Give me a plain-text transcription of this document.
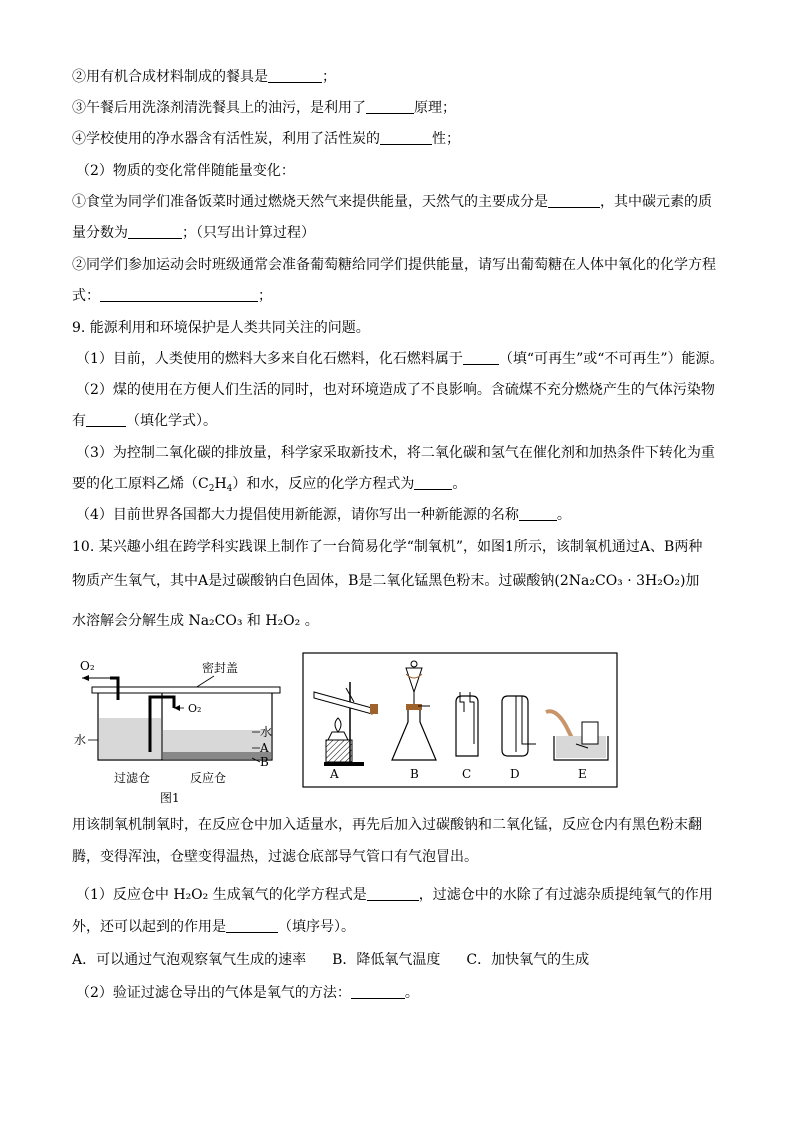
②用有机合成材料制成的餐具是	；
③午餐后用洗涤剂清洗餐具上的油污，是利用了	原理；
④学校使用的净水器含有活性炭，利用了活性炭的	性；
（2）物质的变化常伴随能量变化：
①食堂为同学们准备饭菜时通过燃烧天然气来提供能量，天然气的主要成分是	，其中碳元素的质
量分数为	；（只写出计算过程）
②同学们参加运动会时班级通常会准备葡萄糖给同学们提供能量，请写出葡萄糖在人体中氧化的化学方程
式：	；
9. 能源利用和环境保护是人类共同关注的问题。
（1）目前，人类使用的燃料大多来自化石燃料，化石燃料属于	（填“可再生”或“不可再生”）能源。
（2）煤的使用在方便人们生活的同时，也对环境造成了不良影响。含硫煤不充分燃烧产生的气体污染物
有	（填化学式）。
（3）为控制二氧化碳的排放量，科学家采取新技术，将二氧化碳和氢气在催化剂和加热条件下转化为重
要的化工原料乙烯$(C_2H_4)$和水，反应的化学方程式为	。
（4）目前世界各国都大力提倡使用新能源，请你写出一种新能源的名称	。
10. 某兴趣小组在跨学科实践课上制作了一台简易化学“制氧机”，如图1所示，该制氧机通过A、B两种
物质产生氧气，其中A是过碳酸钠白色固体，B是二氧化锰黑色粉末。过碳酸钠(2Na₂CO₃ · 3H₂O₂)加
水溶解会分解生成 Na₂CO₃ 和 H₂O₂ 。
O₂	密封盖
O₂
水
水
A
B
过滤仓	反应仓
图1
A	B	C	D	E
用该制氧机制氧时，在反应仓中加入适量水，再先后加入过碳酸钠和二氧化锰，反应仓内有黑色粉末翻
腾，变得浑浊，仓壁变得温热，过滤仓底部导气管口有气泡冒出。
（1）反应仓中 H₂O₂ 生成氧气的化学方程式是	，过滤仓中的水除了有过滤杂质提纯氧气的作用
外，还可以起到的作用是	（填序号）。
A．可以通过气泡观察氧气生成的速率 B．降低氧气温度 C．加快氧气的生成
（2）验证过滤仓导出的气体是氧气的方法：	。
